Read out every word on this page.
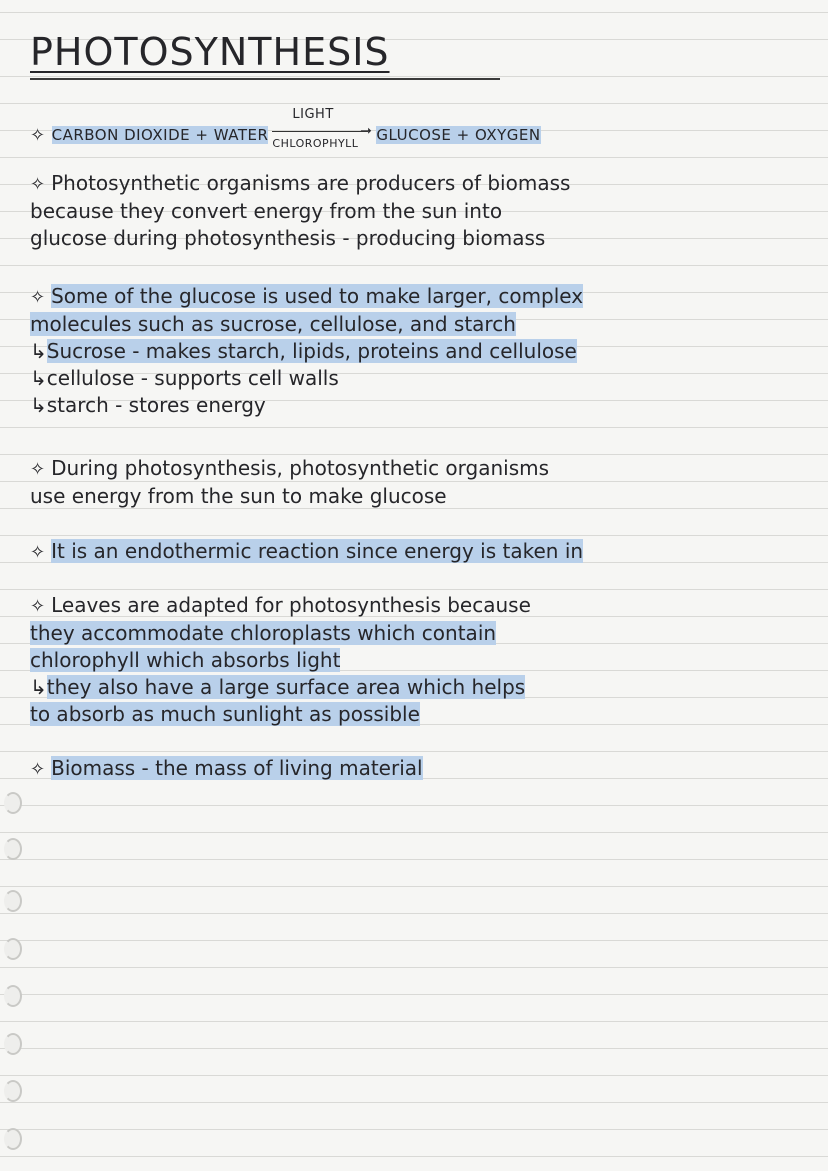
PHOTOSYNTHESIS
✧ CARBON DIOXIDE + WATER
LIGHT
➝
CHLOROPHYLL GLUCOSE + OXYGEN
✧ Photosynthetic organisms are producers of biomass
because they convert energy from the sun into
glucose during photosynthesis - producing biomass
✧ Some of the glucose is used to make larger, complex
molecules such as sucrose, cellulose, and starch
↳Sucrose - makes starch, lipids, proteins and cellulose
↳cellulose - supports cell walls
↳starch - stores energy
✧ During photosynthesis, photosynthetic organisms
use energy from the sun to make glucose
✧ It is an endothermic reaction since energy is taken in
✧ Leaves are adapted for photosynthesis because
they accommodate chloroplasts which contain
chlorophyll which absorbs light
↳they also have a large surface area which helps
to absorb as much sunlight as possible
✧ Biomass - the mass of living material
